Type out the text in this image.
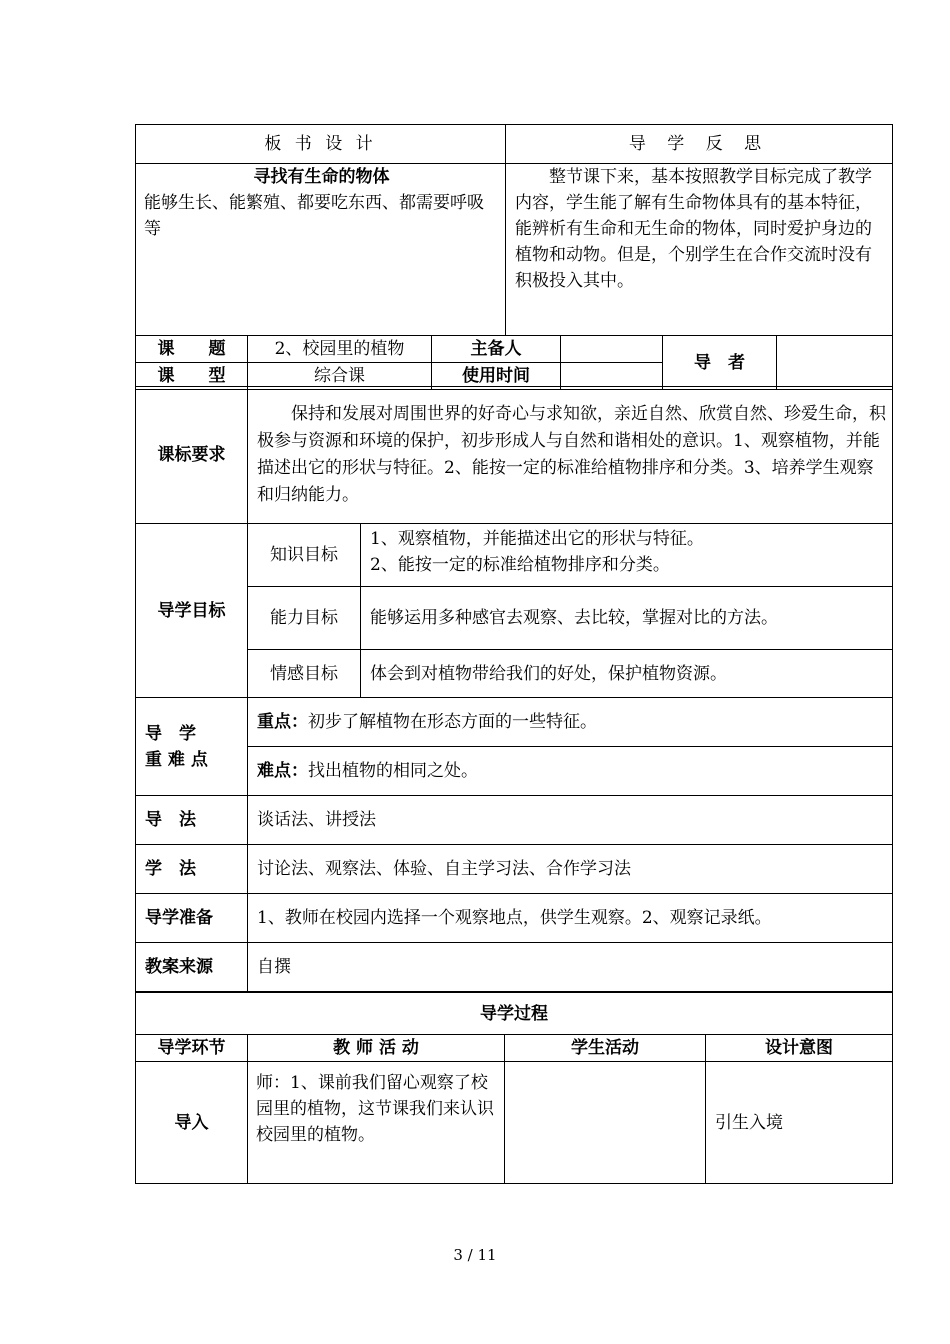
板 书 设 计	导 学 反 思

寻找有生命的物体
能够生长、能繁殖、都要吃东西、都需要呼吸等	整节课下来，基本按照教学目标完成了教学内容，学生能了解有生命物体具有的基本特征，能辨析有生命和无生命的物体，同时爱护身边的植物和动物。但是，个别学生在合作交流时没有积极投入其中。
课　　题	2、校园里的植物	主备人		导　者	
课　　型	综合课	使用时间			
课标要求	保持和发展对周围世界的好奇心与求知欲，亲近自然、欣赏自然、珍爱生命，积极参与资源和环境的保护，初步形成人与自然和谐相处的意识。1、观察植物，并能描述出它的形状与特征。2、能按一定的标准给植物排序和分类。3、培养学生观察和归纳能力。	
导学目标	知识目标	1、观察植物，并能描述出它的形状与特征。
2、能按一定的标准给植物排序和分类。

	能力目标	能够运用多种感官去观察、去比较，掌握对比的方法。
	情感目标	体会到对植物带给我们的好处，保护植物资源。

导　学
重 难 点	重点：初步了解植物在形态方面的一些特征。	
	难点：找出植物的相同之处。	
导　法	谈话法、讲授法	
学　法	讨论法、观察法、体验、自主学习法、合作学习法	
导学准备	1、教师在校园内选择一个观察地点，供学生观察。2、观察记录纸。	
教案来源	自撰	
导学过程			
导学环节	教 师 活 动	学生活动	设计意图
导入	师：1、课前我们留心观察了校园里的植物，这节课我们来认识校园里的植物。		引生入境
3 / 11
